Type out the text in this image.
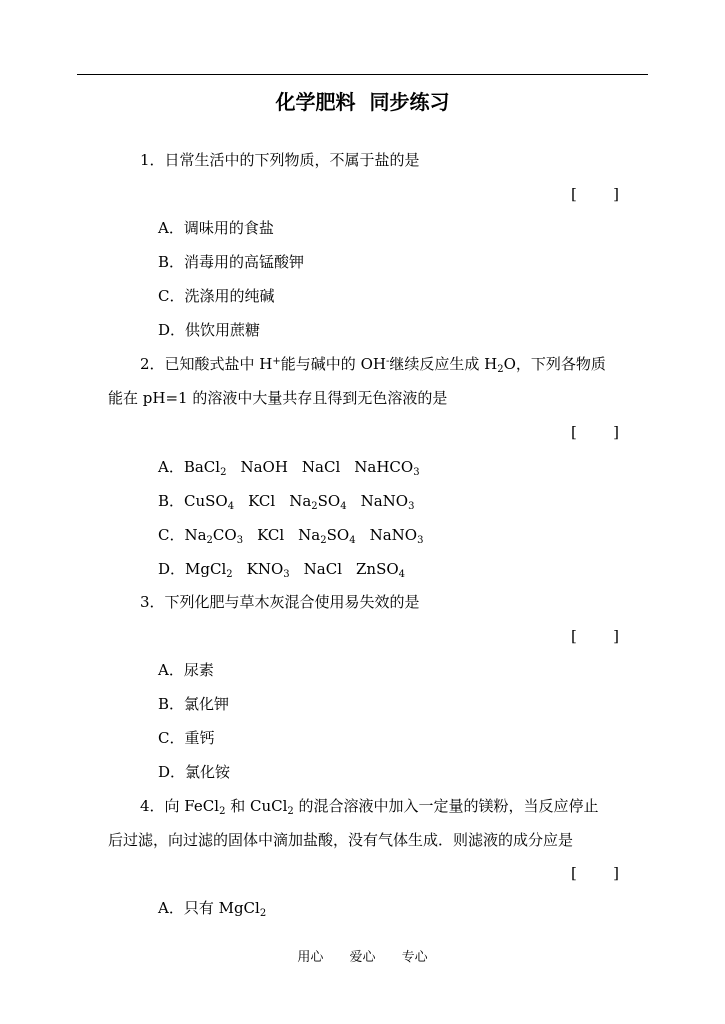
化学肥料  同步练习
1．日常生活中的下列物质，不属于盐的是
[ ]
A．调味用的食盐
B．消毒用的高锰酸钾
C．洗涤用的纯碱
D．供饮用蔗糖
2．已知酸式盐中 H+能与碱中的 OH-继续反应生成 $H_2O$，下列各物质
能在 pH=1 的溶液中大量共存且得到无色溶液的是
[ ]
A．BaCl$_2$ NaOH NaCl NaHCO$_3$
B．CuSO$_4$ KCl $Na_2SO_4$ NaNO$_3$
C．$Na_2CO_3$ KCl $Na_2SO_4$ NaNO$_3$
D．MgCl$_2$ $KNO_3$ NaCl ZnSO$_4$
3．下列化肥与草木灰混合使用易失效的是
[ ]
A．尿素
B．氯化钾
C．重钙
D．氯化铵
4．向 FeCl$_2$ 和 CuCl$_2$ 的混合溶液中加入一定量的镁粉，当反应停止
后过滤，向过滤的固体中滴加盐酸，没有气体生成．则滤液的成分应是
[ ]
A．只有 MgCl$_2$
用心 爱心 专心
